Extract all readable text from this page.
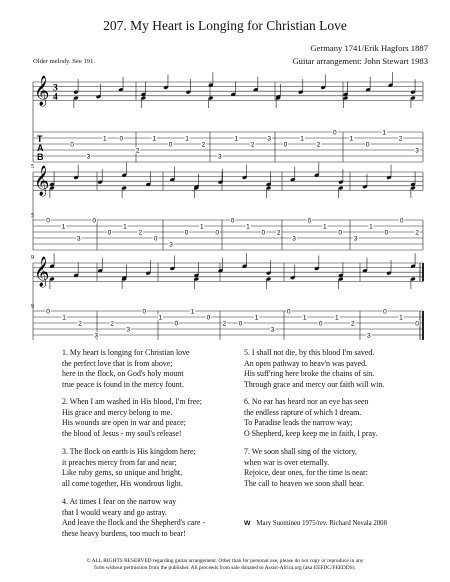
207. My Heart is Longing for Christian Love
Germany 1741/Erik Hagfors 1887
Guitar arrangement: John Stewart 1983
Older melody. See 191.
𝄞 3
4
T
A
B
0
3
1 0
2
1
0
1
2
3
1
2
3
0
1
2
0
1
0
1
2
3
𝄞
5
5
0
1
3
0
0
1
2
0
3
0
1
0
0
1
0 2
3
0
1
0
3
1
0
0
2
𝄞
9
9
0
1
2
3
2
3
0
1
0
1
0
2 0
1
3
0
1
0
1
2
3
0
1
0
1. My heart is longing for Christian love
the perfect love that is from above;
here in the flock, on God's holy mount
true peace is found in the mercy fount.
2. When I am washed in His blood, I'm free;
His grace and mercy belong to me.
His wounds are open in war and peace;
the blood of Jesus - my soul's release!
3. The flock on earth is His kingdom here;
it preaches mercy from far and near;
Like ruby gems, so unique and bright,
all come together, His wondrous light.
4. At times I fear on the narrow way
that I would weary and go astray.
And leave the flock and the Shepherd's care -
these heavy burdens, too much to bear!
5. I shall not die, by this blood I'm saved.
An open pathway to heav'n was paved.
His suff'ring here broke the chains of sin.
Through grace and mercy our faith will win.
6. No ear has heard nor an eye has seen
the endless rapture of which I dream.
To Paradise leads the narrow way;
O Shepherd, keep keep me in faith, I pray.
7. We soon shall sing of the victory,
when war is over eternally.
Rejoice, dear ones, for the time is near:
The call to heaven we soon shall hear.
W Mary Suominen 1975/rev. Richard Nevala 2008
© ALL RIGHTS RESERVED regarding guitar arrangement. Other than for personal use, please do not copy or reproduce in any
form without permission from the publisher. All proceeds from sale donated to Assist-Africa.org (aka EEFDC/FEEDDS).
